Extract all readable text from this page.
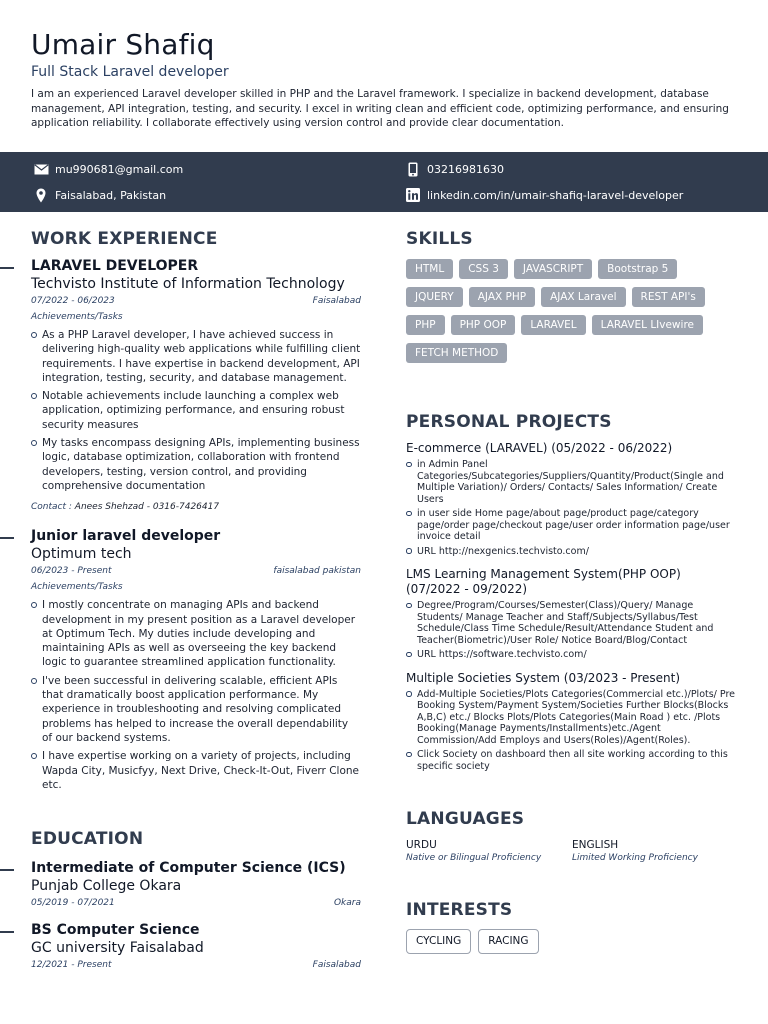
Umair Shafiq
Full Stack Laravel developer
I am an experienced Laravel developer skilled in PHP and the Laravel framework. I specialize in backend development, database management, API integration, testing, and security. I excel in writing clean and efficient code, optimizing performance, and ensuring application reliability. I collaborate effectively using version control and provide clear documentation.
mu990681@gmail.com	03216981630
Faisalabad, Pakistan	linkedin.com/in/umair-shafiq-laravel-developer
WORK EXPERIENCE
LARAVEL DEVELOPER
Techvisto Institute of Information Technology
07/2022 - 06/2023	Faisalabad
Achievements/Tasks
As a PHP Laravel developer, I have achieved success in delivering high-quality web applications while fulfilling client requirements. I have expertise in backend development, API integration, testing, security, and database management.
Notable achievements include launching a complex web application, optimizing performance, and ensuring robust security measures
My tasks encompass designing APIs, implementing business logic, database optimization, collaboration with frontend developers, testing, version control, and providing comprehensive documentation
Contact : Anees Shehzad - 0316-7426417
Junior laravel developer
Optimum tech
06/2023 - Present	faisalabad pakistan
Achievements/Tasks
I mostly concentrate on managing APIs and backend development in my present position as a Laravel developer at Optimum Tech. My duties include developing and maintaining APIs as well as overseeing the key backend logic to guarantee streamlined application functionality.
I've been successful in delivering scalable, efficient APIs that dramatically boost application performance. My experience in troubleshooting and resolving complicated problems has helped to increase the overall dependability of our backend systems.
I have expertise working on a variety of projects, including Wapda City, Musicfyy, Next Drive, Check-It-Out, Fiverr Clone etc.
EDUCATION
Intermediate of Computer Science (ICS)
Punjab College Okara
05/2019 - 07/2021	Okara
BS Computer Science
GC university Faisalabad
12/2021 - Present	Faisalabad
SKILLS
HTML	CSS 3	JAVASCRIPT	Bootstrap 5
JQUERY	AJAX PHP	AJAX Laravel	REST API's
PHP	PHP OOP	LARAVEL	LARAVEL LIvewire
FETCH METHOD
PERSONAL PROJECTS
E-commerce (LARAVEL) (05/2022 - 06/2022)
in Admin Panel Categories/Subcategories/Suppliers/Quantity/Product(Single and Multiple Variation)/ Orders/ Contacts/ Sales Information/ Create Users
in user side Home page/about page/product page/category page/order page/checkout page/user order information page/user invoice detail
URL http://nexgenics.techvisto.com/
LMS Learning Management System(PHP OOP) (07/2022 - 09/2022)
Degree/Program/Courses/Semester(Class)/Query/ Manage Students/ Manage Teacher and Staff/Subjects/Syllabus/Test Schedule/Class Time Schedule/Result/Attendance Student and Teacher(Biometric)/User Role/ Notice Board/Blog/Contact
URL https://software.techvisto.com/
Multiple Societies System (03/2023 - Present)
Add-Multiple Societies/Plots Categories(Commercial etc.)/Plots/ Pre Booking System/Payment System/Societies Further Blocks(Blocks A,B,C) etc./ Blocks Plots/Plots Categories(Main Road ) etc. /Plots Booking(Manage Payments/Installments)etc./Agent Commission/Add Employs and Users(Roles)/Agent(Roles).
Click Society on dashboard then all site working according to this specific society
LANGUAGES
URDU
Native or Bilingual Proficiency
ENGLISH
Limited Working Proficiency
INTERESTS
CYCLING	RACING
